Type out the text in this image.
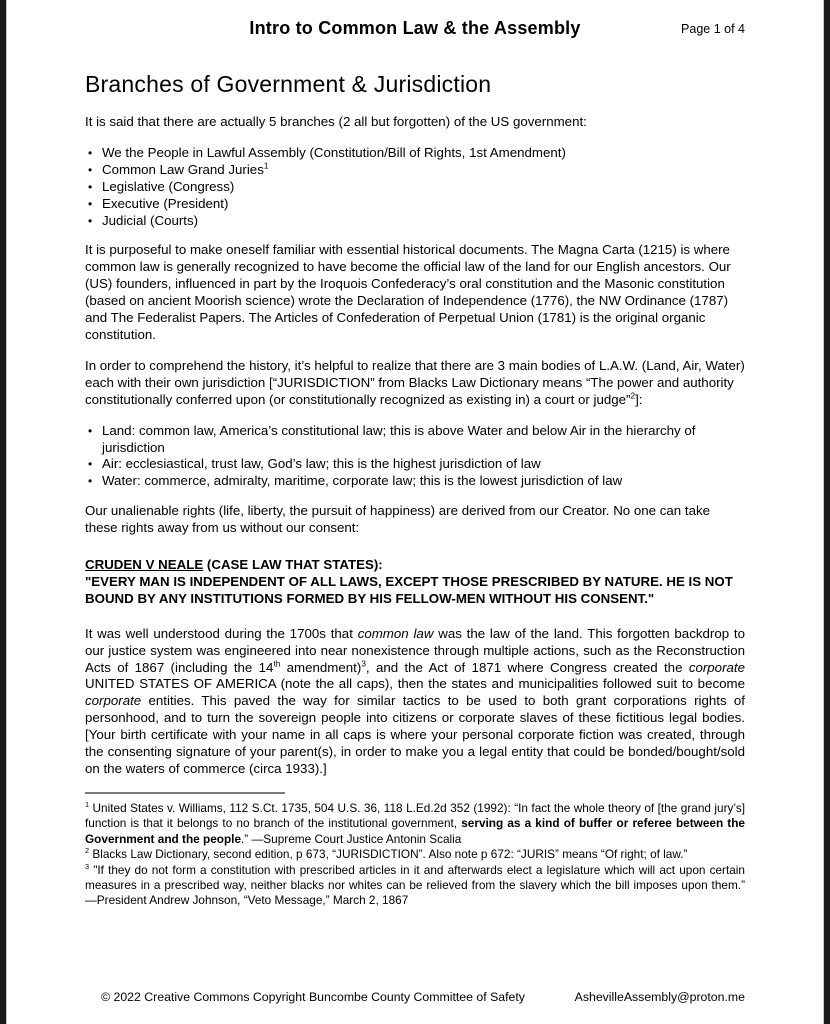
Intro to Common Law & the Assembly	Page 1 of 4
Branches of Government & Jurisdiction

It is said that there are actually 5 branches (2 all but forgotten) of the US government:

• We the People in Lawful Assembly (Constitution/Bill of Rights, 1st Amendment)
• Common Law Grand Juries$^1$
• Legislative (Congress)
• Executive (President)
• Judicial (Courts)

It is purposeful to make oneself familiar with essential historical documents. The Magna Carta (1215) is where common law is generally recognized to have become the official law of the land for our English ancestors. Our (US) founders, influenced in part by the Iroquois Confederacy’s oral constitution and the Masonic constitution (based on ancient Moorish science) wrote the Declaration of Independence (1776), the NW Ordinance (1787) and The Federalist Papers. The Articles of Confederation of Perpetual Union (1781) is the original organic constitution.

In order to comprehend the history, it’s helpful to realize that there are 3 main bodies of L.A.W. (Land, Air, Water) each with their own jurisdiction [“JURISDICTION” from Blacks Law Dictionary means “The power and authority constitutionally conferred upon (or constitutionally recognized as existing in) a court or judge”$^2$]:

• Land: common law, America’s constitutional law; this is above Water and below Air in the hierarchy of jurisdiction
• Air: ecclesiastical, trust law, God’s law; this is the highest jurisdiction of law
• Water: commerce, admiralty, maritime, corporate law; this is the lowest jurisdiction of law

Our unalienable rights (life, liberty, the pursuit of happiness) are derived from our Creator. No one can take these rights away from us without our consent:

CRUDEN V NEALE (CASE LAW THAT STATES):

"EVERY MAN IS INDEPENDENT OF ALL LAWS, EXCEPT THOSE PRESCRIBED BY NATURE. HE IS NOT BOUND BY ANY INSTITUTIONS FORMED BY HIS FELLOW-MEN WITHOUT HIS CONSENT."

It was well understood during the 1700s that common law was the law of the land. This forgotten backdrop to our justice system was engineered into near nonexistence through multiple actions, such as the Reconstruction Acts of 1867 (including the 14th amendment)$^3$, and the Act of 1871 where Congress created the corporate UNITED STATES OF AMERICA (note the all caps), then the states and municipalities followed suit to become corporate entities. This paved the way for similar tactics to be used to both grant corporations rights of personhood, and to turn the sovereign people into citizens or corporate slaves of these fictitious legal bodies. [Your birth certificate with your name in all caps is where your personal corporate fiction was created, through the consenting signature of your parent(s), in order to make you a legal entity that could be bonded/bought/sold on the waters of commerce (circa 1933).]

$^1$ United States v. Williams, 112 S.Ct. 1735, 504 U.S. 36, 118 L.Ed.2d 352 (1992): “In fact the whole theory of [the grand jury’s] function is that it belongs to no branch of the institutional government, serving as a kind of buffer or referee between the Government and the people.” —Supreme Court Justice Antonin Scalia

$^2$ Blacks Law Dictionary, second edition, p 673, “JURISDICTION”. Also note p 672: “JURIS” means “Of right; of law.”

$^3$ "If they do not form a constitution with prescribed articles in it and afterwards elect a legislature which will act upon certain measures in a prescribed way, neither blacks nor whites can be relieved from the slavery which the bill imposes upon them.” —President Andrew Johnson, “Veto Message,” March 2, 1867

© 2022 Creative Commons Copyright Buncombe County Committee of Safety	AshevilleAssembly@proton.me
